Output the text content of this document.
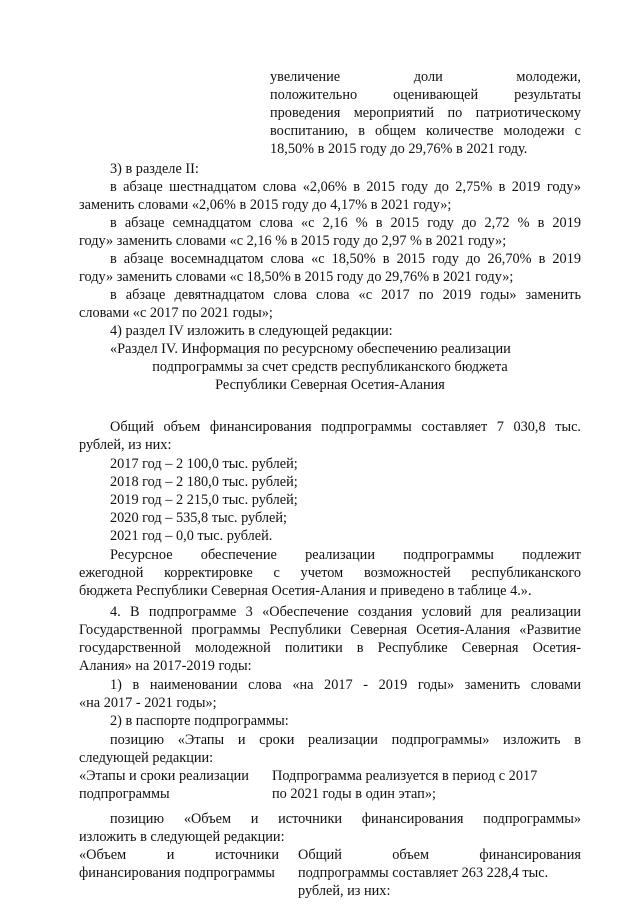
увеличение доли молодежи,
положительно оценивающей результаты
проведения мероприятий по патриотическому
воспитанию, в общем количестве молодежи с
18,50% в 2015 году до 29,76% в 2021 году.
3) в разделе II:
в абзаце шестнадцатом слова «2,06% в 2015 году до 2,75% в 2019 году»
заменить словами «2,06% в 2015 году до 4,17% в 2021 году»;
в абзаце семнадцатом слова «с 2,16 % в 2015 году до 2,72 % в 2019
году» заменить словами «с 2,16 % в 2015 году до 2,97 % в 2021 году»;
в абзаце восемнадцатом слова «с 18,50% в 2015 году до 26,70% в 2019
году» заменить словами «с 18,50% в 2015 году до 29,76% в 2021 году»;
в абзаце девятнадцатом слова слова «с 2017 по 2019 годы» заменить
словами «с 2017 по 2021 годы»;
4) раздел IV изложить в следующей редакции:
«Раздел IV. Информация по ресурсному обеспечению реализации
подпрограммы за счет средств республиканского бюджета
Республики Северная Осетия-Алания
Общий объем финансирования подпрограммы составляет 7 030,8 тыс.
рублей, из них:
2017 год – 2 100,0 тыс. рублей;
2018 год – 2 180,0 тыс. рублей;
2019 год – 2 215,0 тыс. рублей;
2020 год – 535,8 тыс. рублей;
2021 год – 0,0 тыс. рублей.
Ресурсное обеспечение реализации подпрограммы подлежит
ежегодной корректировке с учетом возможностей республиканского
бюджета Республики Северная Осетия-Алания и приведено в таблице 4.».
4. В подпрограмме 3 «Обеспечение создания условий для реализации
Государственной программы Республики Северная Осетия-Алания «Развитие
государственной молодежной политики в Республике Северная Осетия-
Алания» на 2017-2019 годы:
1) в наименовании слова «на 2017 - 2019 годы» заменить словами
«на 2017 - 2021 годы»;
2) в паспорте подпрограммы:
позицию «Этапы и сроки реализации подпрограммы» изложить в
следующей редакции:
«Этапы и сроки реализации
подпрограммы
Подпрограмма реализуется в период с 2017
по 2021 годы в один этап»;
позицию «Объем и источники финансирования подпрограммы»
изложить в следующей редакции:
«Объем и источники
финансирования подпрограммы
Общий объем финансирования
подпрограммы составляет 263 228,4 тыс.
рублей, из них:
